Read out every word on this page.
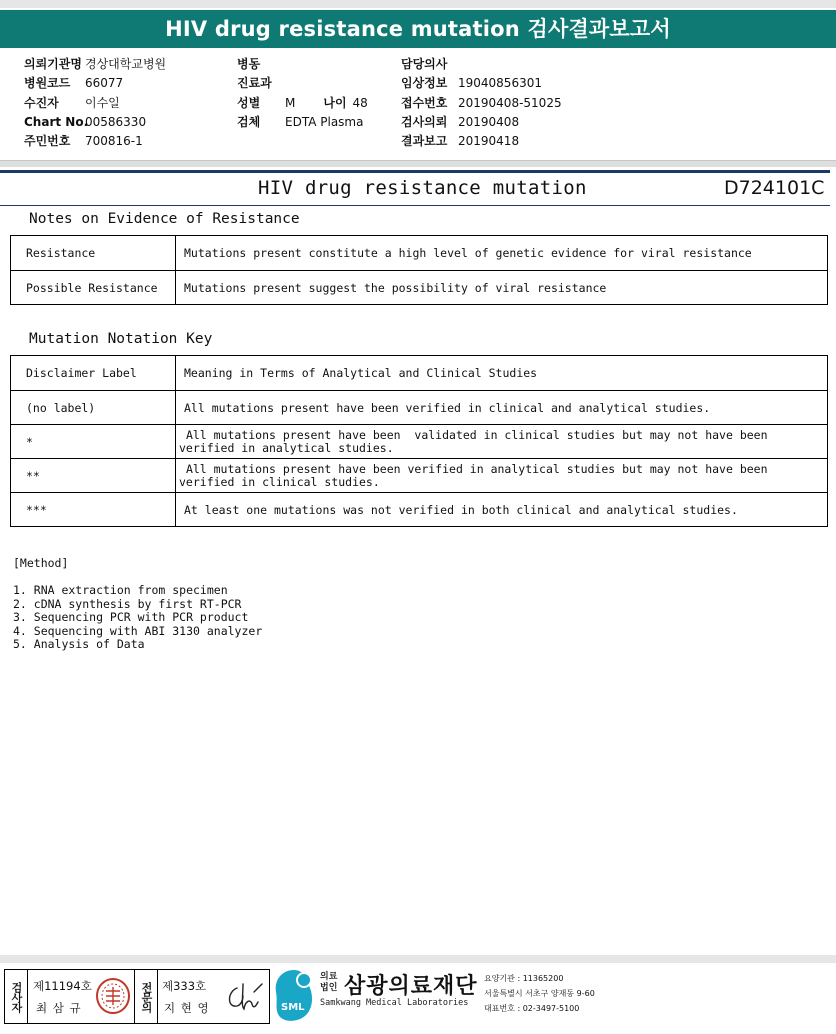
HIV drug resistance mutation 검사결과보고서
의뢰기관명 경상대학교병원
병원코드 66077
수진자 이수일
Chart No.00586330
주민번호 700816-1
병동
진료과
성별 M 나이 48
검체 EDTA Plasma
담당의사
임상정보 19040856301
접수번호 20190408-51025
검사의뢰 20190408
결과보고 20190418
HIV drug resistance mutation	D724101C
Notes on Evidence of Resistance
Resistance	Mutations present constitute a high level of genetic evidence for viral resistance
Possible Resistance	Mutations present suggest the possibility of viral resistance
Mutation Notation Key
Disclaimer Label	Meaning in Terms of Analytical and Clinical Studies
(no label)	All mutations present have been verified in clinical and analytical studies.
*	All mutations present have been  validated in clinical studies but may not have been verified in analytical studies.
**	All mutations present have been verified in analytical studies but may not have been verified in clinical studies.
***	At least one mutations was not verified in both clinical and analytical studies.
[Method]
1. RNA extraction from specimen
2. cDNA synthesis by first RT-PCR
3. Sequencing PCR with PCR product
4. Sequencing with ABI 3130 analyzer
5. Analysis of Data
검사자 제11194호
최 삼 규	전문의 제333호
지 현 영	SML
의료 법인 삼광의료재단
Samkwang Medical Laboratories
요양기관 : 11365200
서울특별시 서초구 양재동 9-60
대표번호 : 02-3497-5100
